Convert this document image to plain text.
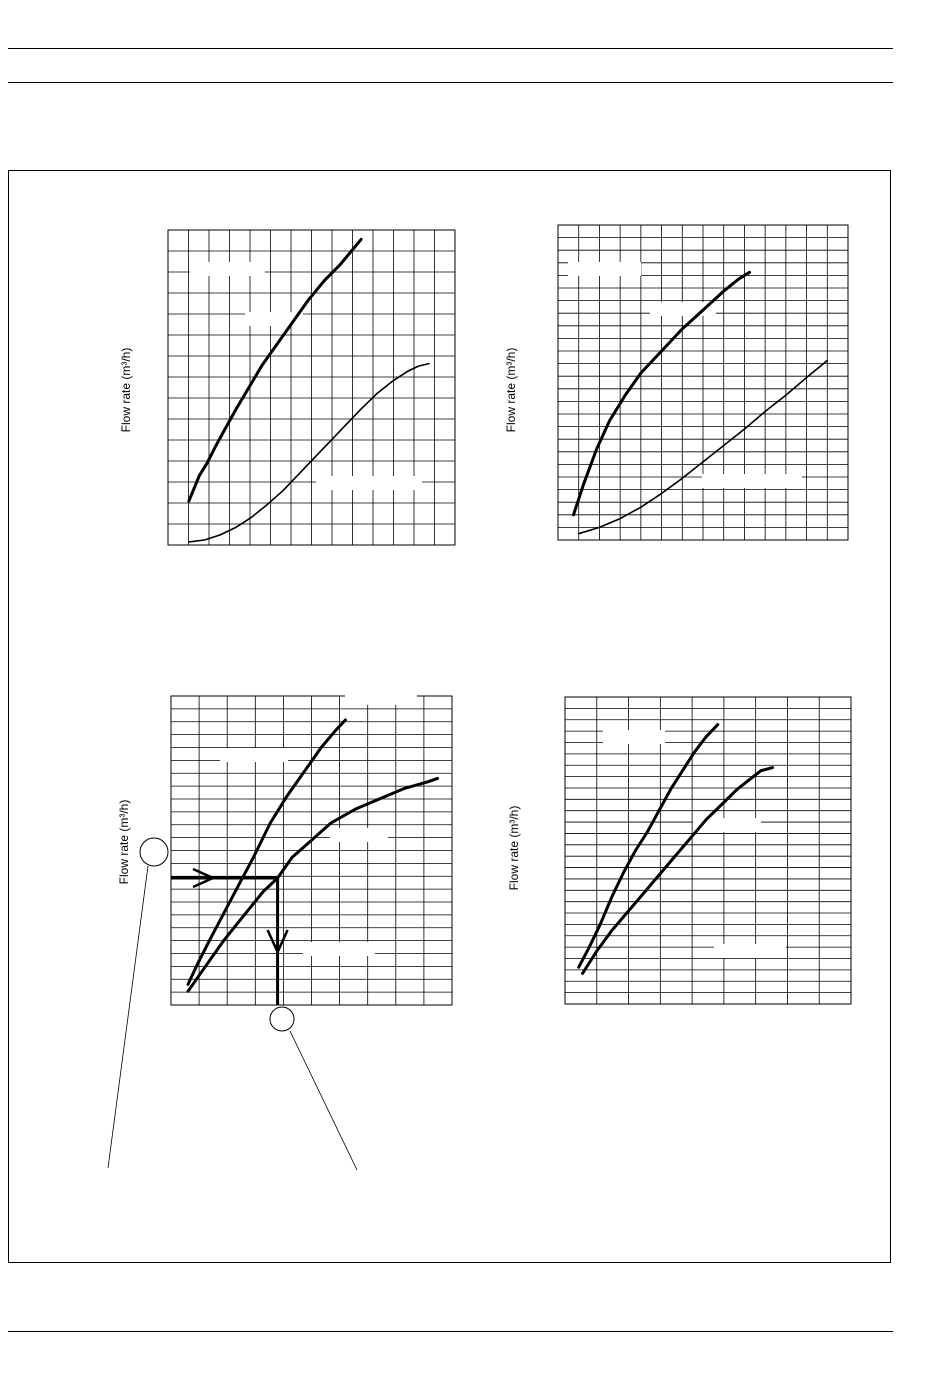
Flow rate (m³/h)	Flow rate (m³/h)
Flow rate (m³/h)	Flow rate (m³/h)
